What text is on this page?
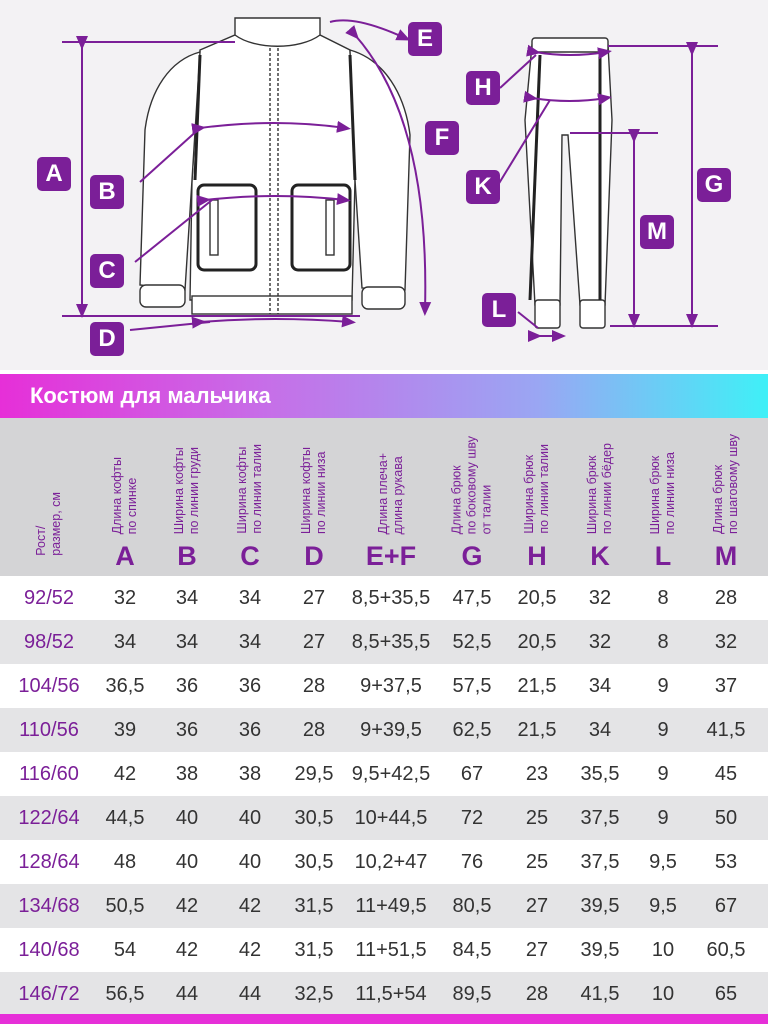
A
B
C
D
E
F
G
H
K
L
M
Костюм для мальчика
Рост/
размер, см	Длина кофты
по спинке
A
Ширина кофты
по линии груди
B
Ширина кофты
по линии талии
C
Ширина кофты
по линии низа
D
Длина плеча+
длина рукава
E+F
Длина брюк
по боковому шву
от талии
G
Ширина брюк
по линии талии
H
Ширина брюк
по линии бёдер
K
Ширина брюк
по линии низа
L
Длина брюк
по шаговому шву
M
92/52	32	34	34	27	8,5+35,5	47,5	20,5	32	8	28
98/52	34	34	34	27	8,5+35,5	52,5	20,5	32	8	32
104/56	36,5	36	36	28	9+37,5	57,5	21,5	34	9	37
110/56	39	36	36	28	9+39,5	62,5	21,5	34	9	41,5
116/60	42	38	38	29,5 9,5+42,5	67	23	35,5	9	45
122/64	44,5	40	40	30,5	10+44,5	72	25	37,5	9	50
128/64	48	40	40	30,5	10,2+47	76	25	37,5	9,5	53
134/68	50,5	42	42	31,5	11+49,5	80,5	27	39,5	9,5	67
140/68	54	42	42	31,5	11+51,5	84,5	27	39,5	10	60,5
146/72	56,5	44	44	32,5	11,5+54	89,5	28	41,5	10	65
